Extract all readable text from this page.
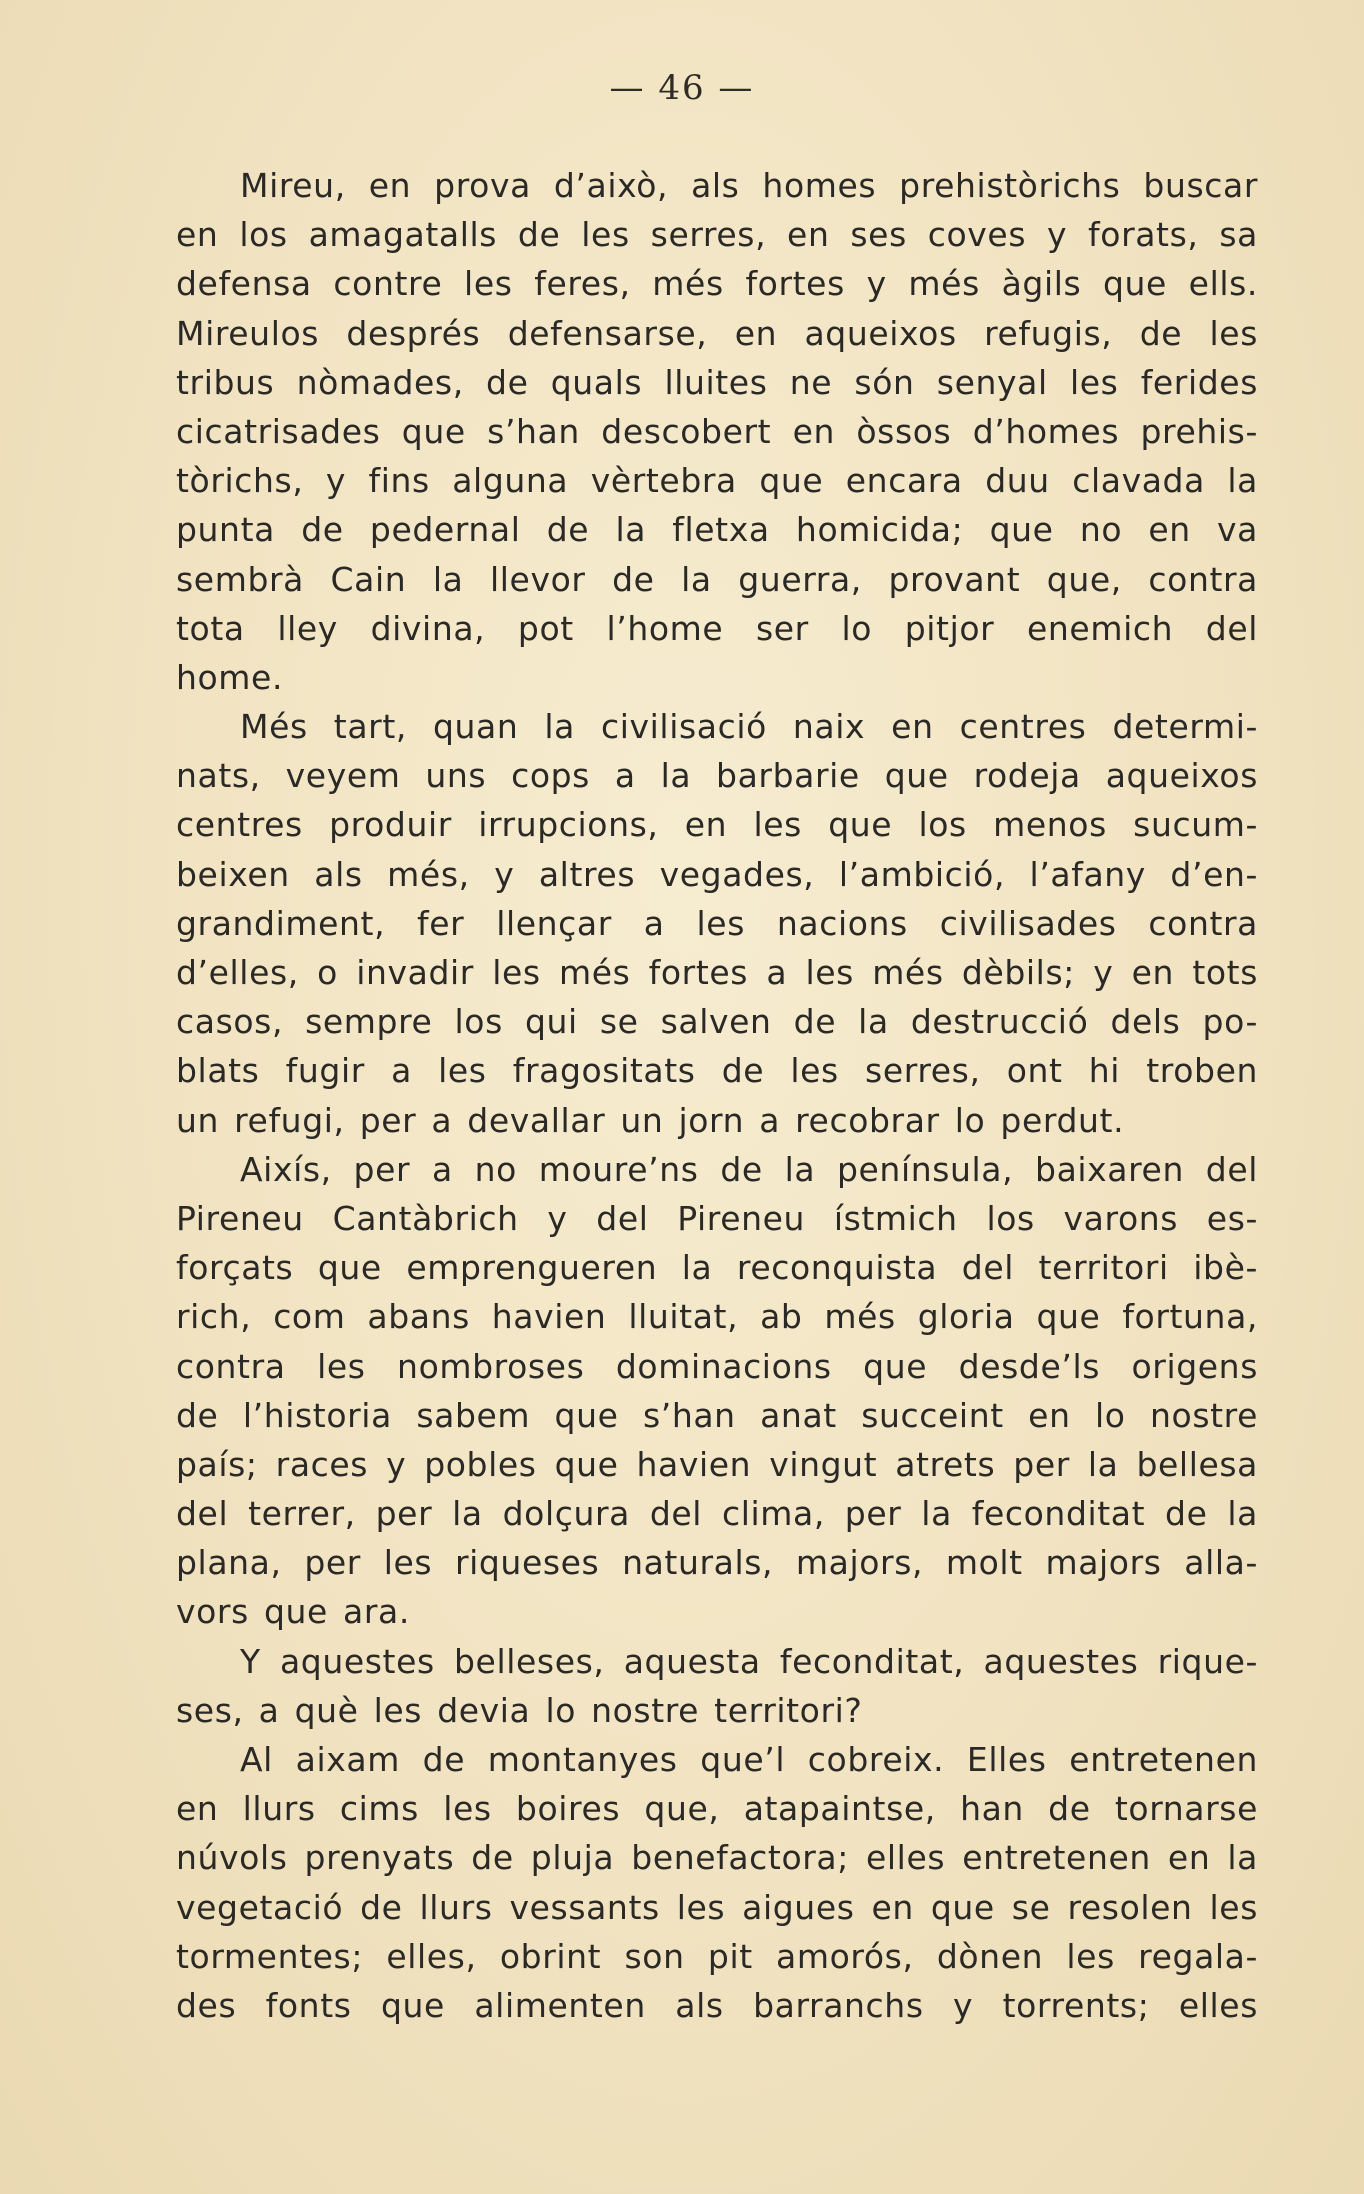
— 46 —
Mireu, en prova d’això, als homes prehistòrichs buscar
en los amagatalls de les serres, en ses coves y forats, sa
defensa contre les feres, més fortes y més àgils que ells.
Mireulos després defensarse, en aqueixos refugis, de les
tribus nòmades, de quals lluites ne són senyal les ferides
cicatrisades que s’han descobert en òssos d’homes prehis-
tòrichs, y fins alguna vèrtebra que encara duu clavada la
punta de pedernal de la fletxa homicida; que no en va
sembrà Cain la llevor de la guerra, provant que, contra
tota lley divina, pot l’home ser lo pitjor enemich del
home.
Més tart, quan la civilisació naix en centres determi-
nats, veyem uns cops a la barbarie que rodeja aqueixos
centres produir irrupcions, en les que los menos sucum-
beixen als més, y altres vegades, l’ambició, l’afany d’en-
grandiment, fer llençar a les nacions civilisades contra
d’elles, o invadir les més fortes a les més dèbils; y en tots
casos, sempre los qui se salven de la destrucció dels po-
blats fugir a les fragositats de les serres, ont hi troben
un refugi, per a devallar un jorn a recobrar lo perdut.
Aixís, per a no moure’ns de la península, baixaren del
Pireneu Cantàbrich y del Pireneu ístmich los varons es-
forçats que emprengueren la reconquista del territori ibè-
rich, com abans havien lluitat, ab més gloria que fortuna,
contra les nombroses dominacions que desde’ls origens
de l’historia sabem que s’han anat succeint en lo nostre
país; races y pobles que havien vingut atrets per la bellesa
del terrer, per la dolçura del clima, per la feconditat de la
plana, per les riqueses naturals, majors, molt majors alla-
vors que ara.
Y aquestes belleses, aquesta feconditat, aquestes rique-
ses, a què les devia lo nostre territori?
Al aixam de montanyes que’l cobreix. Elles entretenen
en llurs cims les boires que, atapaintse, han de tornarse
núvols prenyats de pluja benefactora; elles entretenen en la
vegetació de llurs vessants les aigues en que se resolen les
tormentes; elles, obrint son pit amorós, dònen les regala-
des fonts que alimenten als barranchs y torrents; elles
